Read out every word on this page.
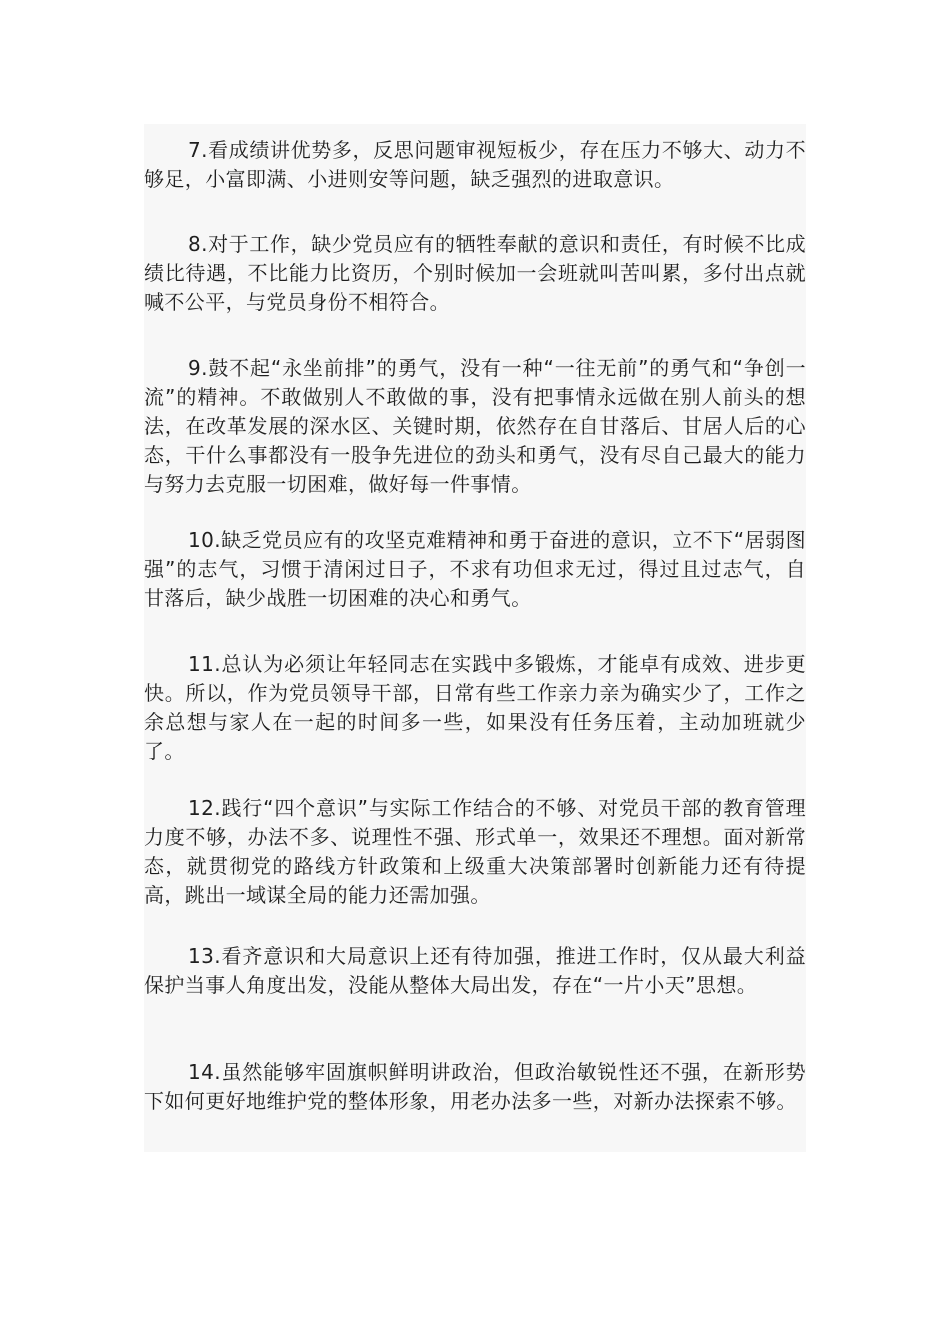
7.看成绩讲优势多，反思问题审视短板少，存在压力不够大、动力不够足，小富即满、小进则安等问题，缺乏强烈的进取意识。

8.对于工作，缺少党员应有的牺牲奉献的意识和责任，有时候不比成绩比待遇，不比能力比资历，个别时候加一会班就叫苦叫累，多付出点就喊不公平，与党员身份不相符合。

9.鼓不起“永坐前排”的勇气，没有一种“一往无前”的勇气和“争创一流”的精神。不敢做别人不敢做的事，没有把事情永远做在别人前头的想法，在改革发展的深水区、关键时期，依然存在自甘落后、甘居人后的心态，干什么事都没有一股争先进位的劲头和勇气，没有尽自己最大的能力与努力去克服一切困难，做好每一件事情。

10.缺乏党员应有的攻坚克难精神和勇于奋进的意识，立不下“居弱图强”的志气，习惯于清闲过日子，不求有功但求无过，得过且过志气，自甘落后，缺少战胜一切困难的决心和勇气。

11.总认为必须让年轻同志在实践中多锻炼，才能卓有成效、进步更快。所以，作为党员领导干部，日常有些工作亲力亲为确实少了，工作之余总想与家人在一起的时间多一些，如果没有任务压着，主动加班就少了。

12.践行“四个意识”与实际工作结合的不够、对党员干部的教育管理力度不够，办法不多、说理性不强、形式单一，效果还不理想。面对新常态，就贯彻党的路线方针政策和上级重大决策部署时创新能力还有待提高，跳出一域谋全局的能力还需加强。

13.看齐意识和大局意识上还有待加强，推进工作时，仅从最大利益保护当事人角度出发，没能从整体大局出发，存在“一片小天”思想。

14.虽然能够牢固旗帜鲜明讲政治，但政治敏锐性还不强，在新形势下如何更好地维护党的整体形象，用老办法多一些，对新办法探索不够。
